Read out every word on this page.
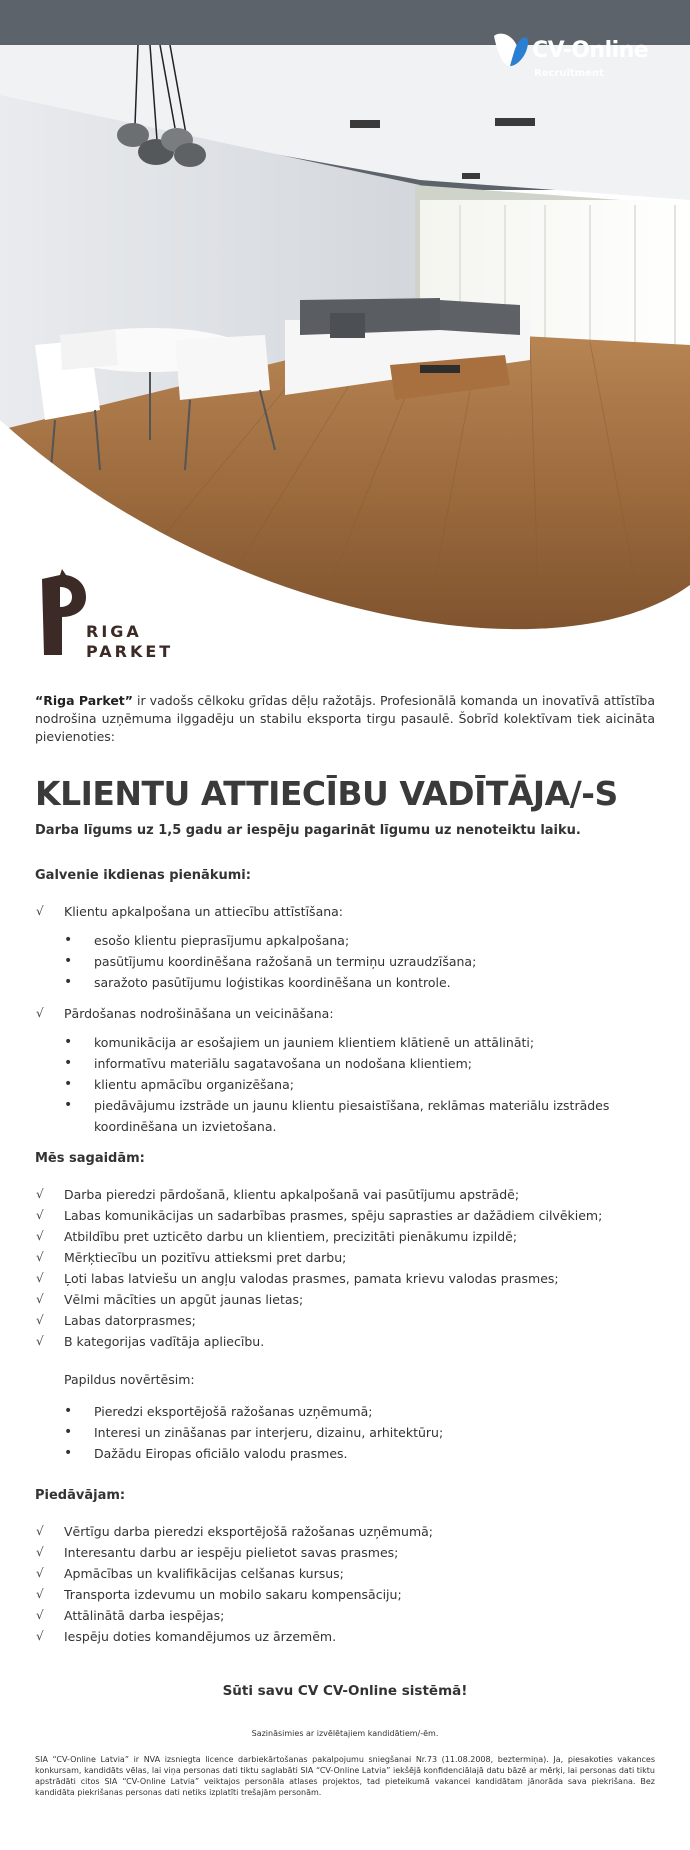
CV-Online
Recruitment
RIGA
PARKET

“Riga Parket” ir vadošs cēlkoku grīdas dēļu ražotājs. Profesionālā komanda un inovatīvā attīstība nodrošina uzņēmuma ilggadēju un stabilu eksporta tirgu pasaulē. Šobrīd kolektīvam tiek aicināta pievienoties:

KLIENTU ATTIECĪBU VADĪTĀJA/-S

Darba līgums uz 1,5 gadu ar iespēju pagarināt līgumu uz nenoteiktu laiku.

Galvenie ikdienas pienākumi:
√ Klientu apkalpošana un attiecību attīstīšana:
• esošo klientu pieprasījumu apkalpošana;
• pasūtījumu koordinēšana ražošanā un termiņu uzraudzīšana;
• saražoto pasūtījumu loģistikas koordinēšana un kontrole.
√ Pārdošanas nodrošināšana un veicināšana:
• komunikācija ar esošajiem un jauniem klientiem klātienē un attālināti;
• informatīvu materiālu sagatavošana un nodošana klientiem;
• klientu apmācību organizēšana;
• piedāvājumu izstrāde un jaunu klientu piesaistīšana, reklāmas materiālu izstrādes koordinēšana un izvietošana.
Mēs sagaidām:
√ Darba pieredzi pārdošanā, klientu apkalpošanā vai pasūtījumu apstrādē;
√ Labas komunikācijas un sadarbības prasmes, spēju saprasties ar dažādiem cilvēkiem;
√ Atbildību pret uzticēto darbu un klientiem, precizitāti pienākumu izpildē;
√ Mērķtiecību un pozitīvu attieksmi pret darbu;
√ Ļoti labas latviešu un angļu valodas prasmes, pamata krievu valodas prasmes;
√ Vēlmi mācīties un apgūt jaunas lietas;
√ Labas datorprasmes;
√ B kategorijas vadītāja apliecību.

Papildus novērtēsim:

• Pieredzi eksportējošā ražošanas uzņēmumā;
• Interesi un zināšanas par interjeru, dizainu, arhitektūru;
• Dažādu Eiropas oficiālo valodu prasmes.
Piedāvājam:
√ Vērtīgu darba pieredzi eksportējošā ražošanas uzņēmumā;
√ Interesantu darbu ar iespēju pielietot savas prasmes;
√ Apmācības un kvalifikācijas celšanas kursus;
√ Transporta izdevumu un mobilo sakaru kompensāciju;
√ Attālinātā darba iespējas;
√ Iespēju doties komandējumos uz ārzemēm.

Sūti savu CV CV-Online sistēmā!

Sazināsimies ar izvēlētajiem kandidātiem/-ēm.

SIA “CV-Online Latvia” ir NVA izsniegta licence darbiekārtošanas pakalpojumu sniegšanai Nr.73 (11.08.2008, beztermiņa). Ja, piesakoties vakances konkursam, kandidāts vēlas, lai viņa personas dati tiktu saglabāti SIA “CV-Online Latvia” iekšējā konfidenciālajā datu bāzē ar mērķi, lai personas dati tiktu apstrādāti citos SIA “CV-Online Latvia” veiktajos personāla atlases projektos, tad pieteikumā vakancei kandidātam jānorāda sava piekrišana. Bez kandidāta piekrišanas personas dati netiks izplatīti trešajām personām.
